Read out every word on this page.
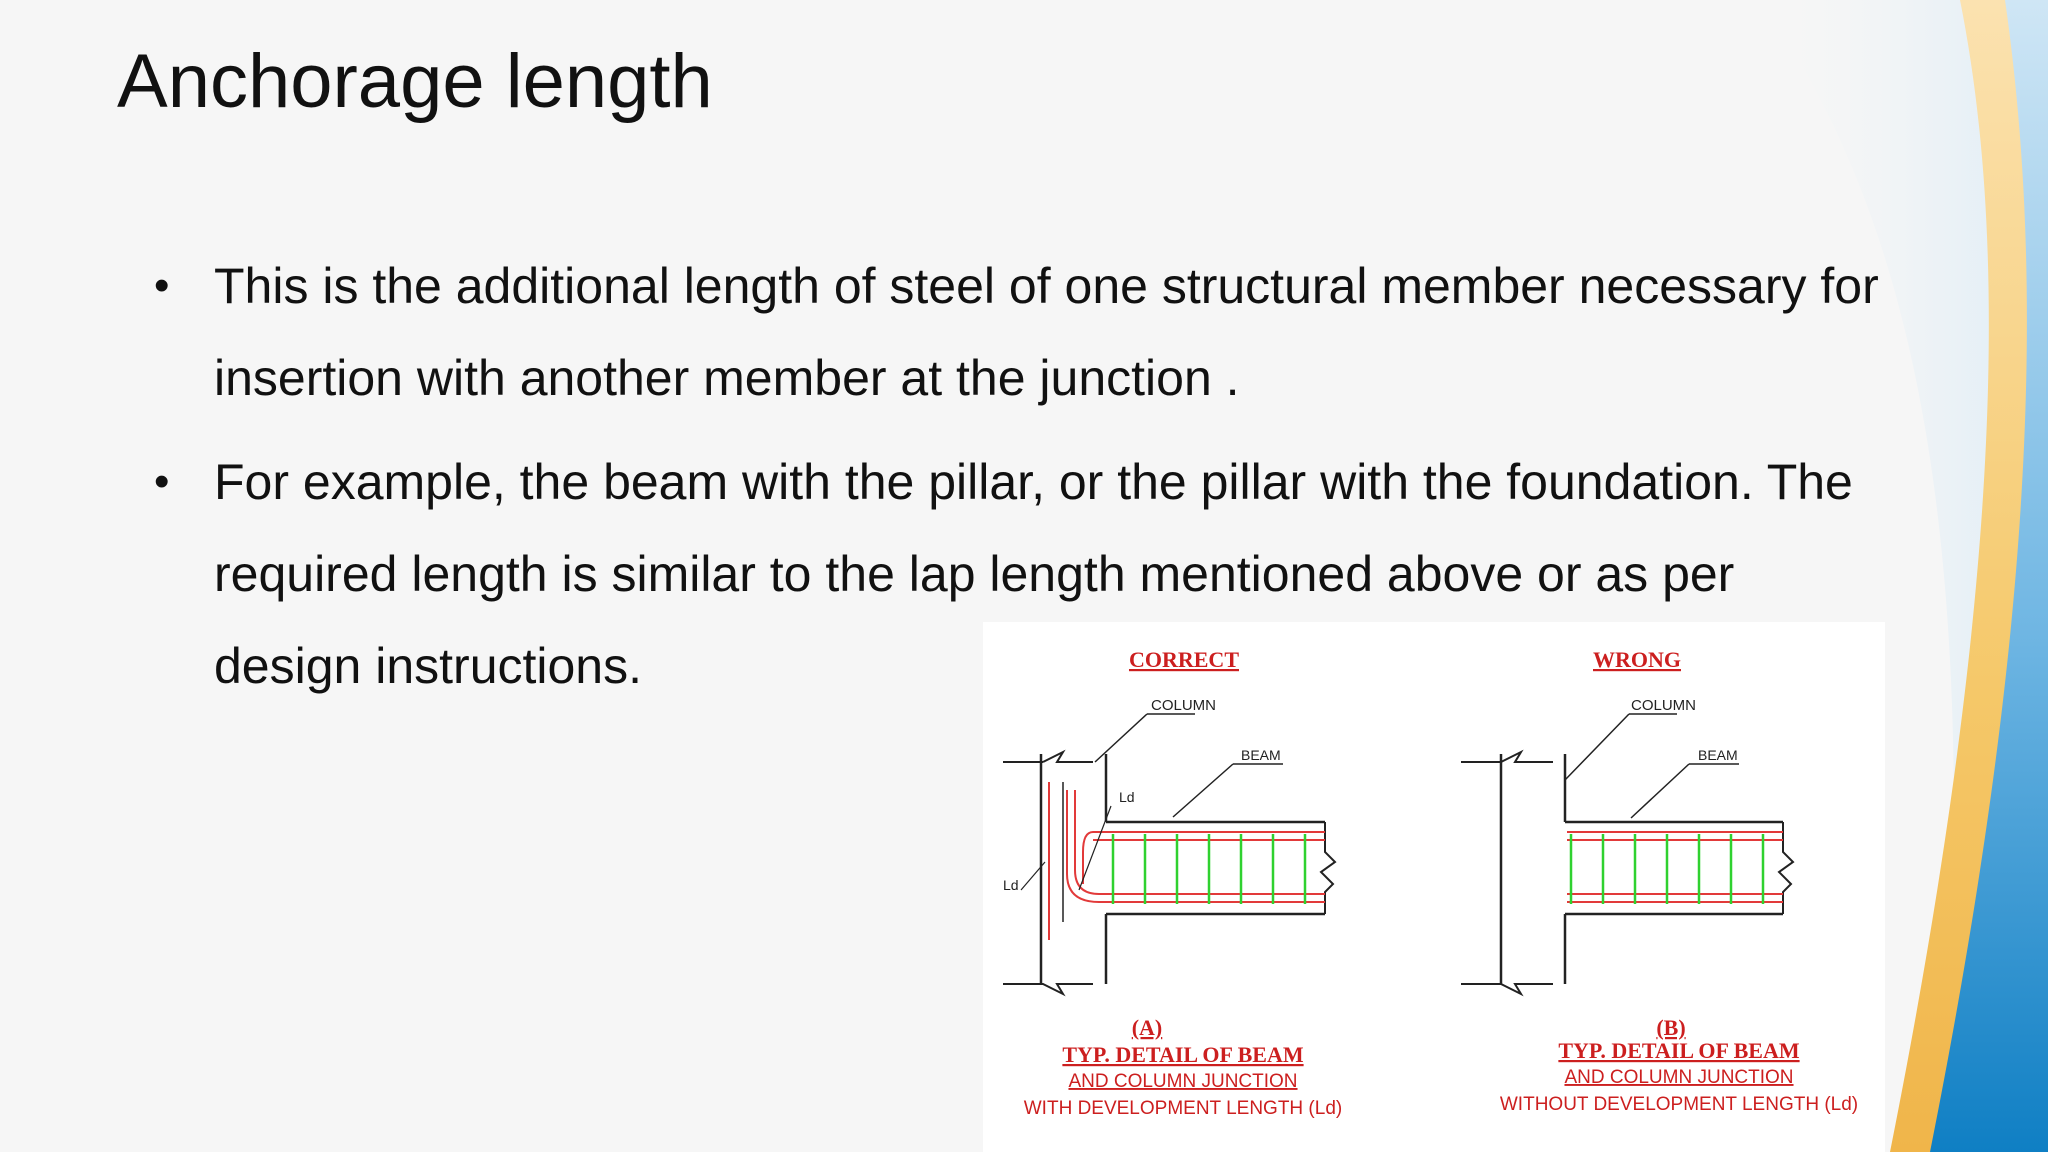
Anchorage length
• This is the additional length of steel of one structural member necessary for insertion with another member at the junction .
• For example, the beam with the pillar, or the pillar with the foundation. The required length is similar to the lap length mentioned above or as per design instructions.	CORRECT
COLUMN
BEAM
Ld
Ld
(A)
TYP. DETAIL OF BEAM
AND COLUMN JUNCTION
WITH DEVELOPMENT LENGTH (Ld)
WRONG
COLUMN
BEAM
(B)
TYP. DETAIL OF BEAM
AND COLUMN JUNCTION
WITHOUT DEVELOPMENT LENGTH (Ld)
